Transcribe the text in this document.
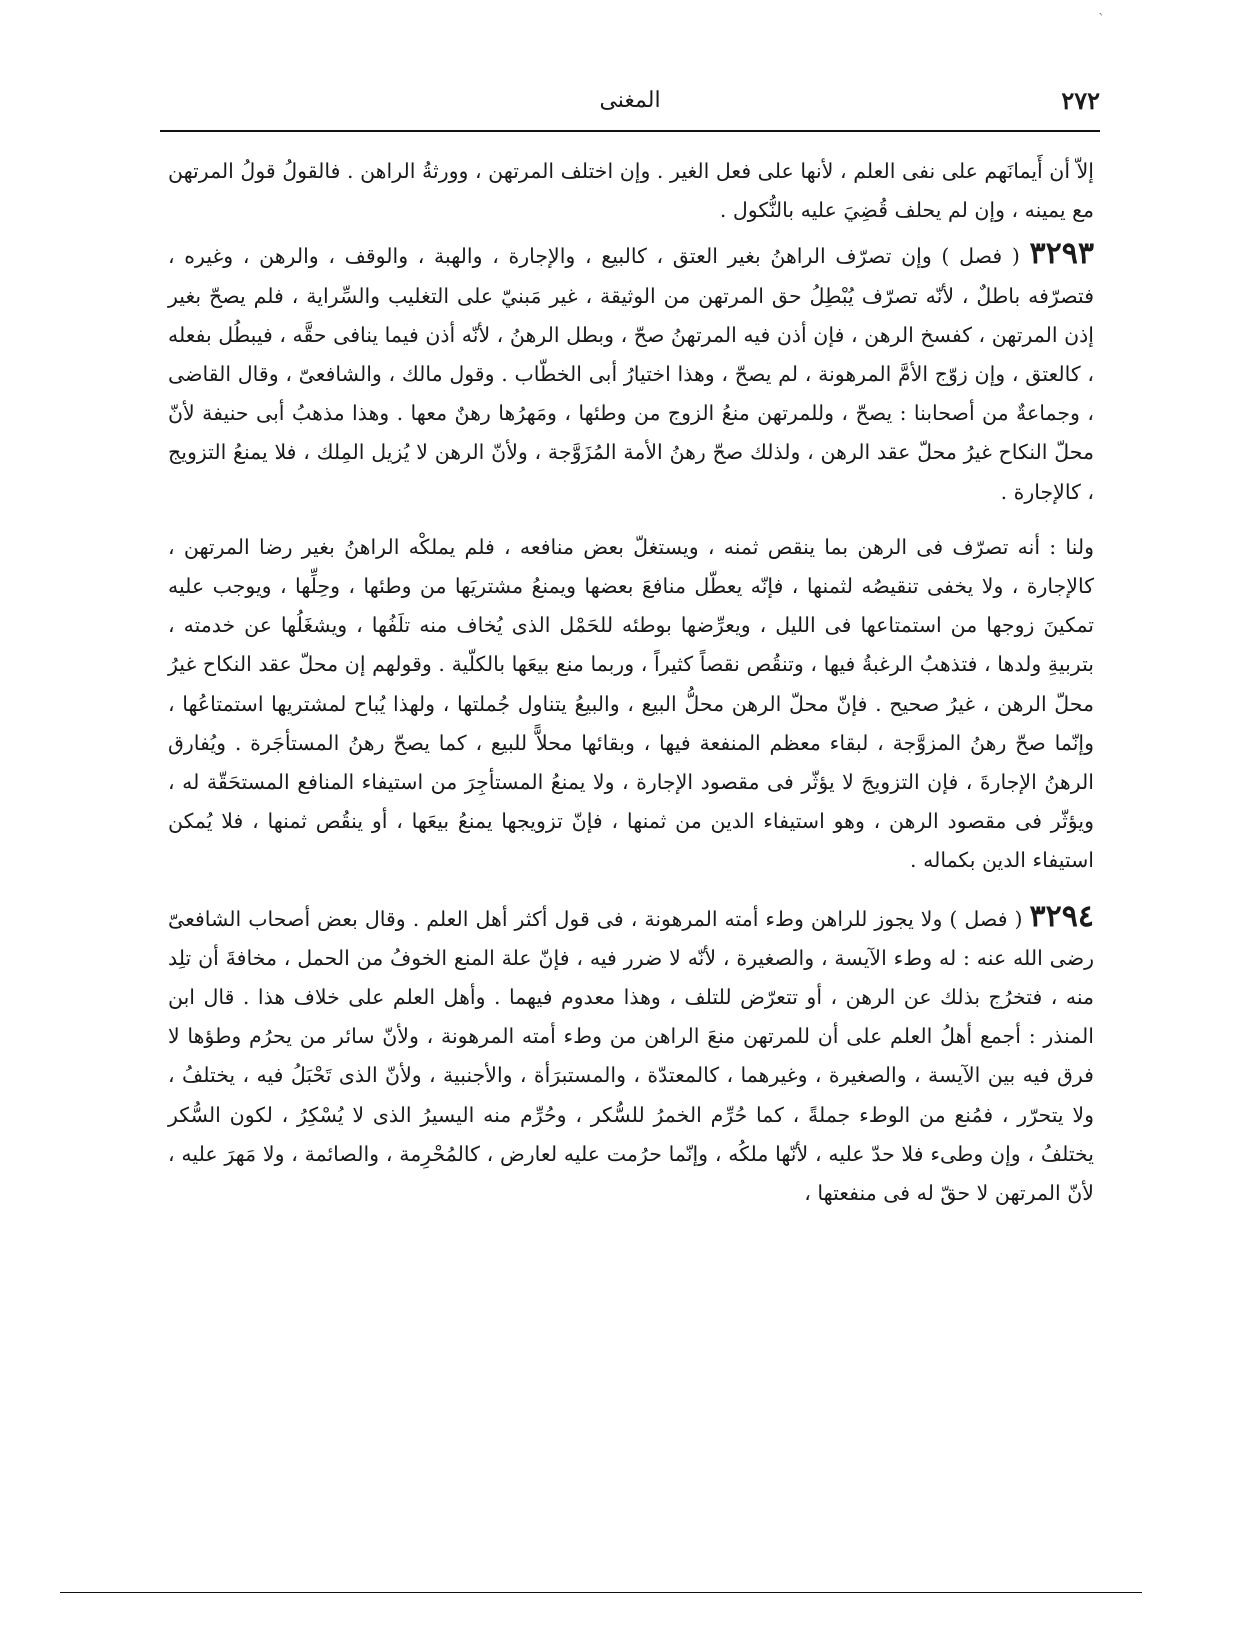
ˋ
٢٧٢
المغنى

إلاّ أن أَيمانَهم على نفى العلم ، لأنها على فعل الغير . وإن اختلف المرتهن ، وورثةُ الراهن . فالقولُ قولُ المرتهن مع يمينه ، وإن لم يحلف قُضِيَ عليه بالنُّكول .

٣٢٩٣ ( فصل ) وإن تصرّف الراهنُ بغير العتق ، كالبيع ، والإجارة ، والهبة ، والوقف ، والرهن ، وغيره ، فتصرّفه باطلٌ ، لأنّه تصرّف يُبْطِلُ حق المرتهن من الوثيقة ، غير مَبنيّ على التغليب والسِّراية ، فلم يصحّ بغير إذن المرتهن ، كفسخ الرهن ، فإن أذن فيه المرتهنُ صحّ ، وبطل الرهنُ ، لأنّه أذن فيما ينافى حقَّه ، فيبطُل بفعله ، كالعتق ، وإن زوّج الأمَّ المرهونة ، لم يصحّ ، وهذا اختيارُ أبى الخطّاب . وقول مالك ، والشافعىّ ، وقال القاضى ، وجماعةٌ من أصحابنا : يصحّ ، وللمرتهن منعُ الزوج من وطئها ، ومَهرُها رهنٌ معها . وهذا مذهبُ أبى حنيفة لأنّ محلّ النكاح غيرُ محلّ عقد الرهن ، ولذلك صحّ رهنُ الأمة المُزَوَّجة ، ولأنّ الرهن لا يُزيل المِلك ، فلا يمنعُ التزويج ، كالإجارة .

ولنا : أنه تصرّف فى الرهن بما ينقص ثمنه ، ويستغلّ بعض منافعه ، فلم يملكْه الراهنُ بغير رضا المرتهن ، كالإجارة ، ولا يخفى تنقيصُه لثمنها ، فإنّه يعطّل منافعَ بعضها ويمنعُ مشتريَها من وطئها ، وحِلِّها ، ويوجب عليه تمكينَ زوجها من استمتاعها فى الليل ، ويعرِّضها بوطئه للحَمْل الذى يُخاف منه تلَفُها ، ويشغَلُها عن خدمته ، بتربيةِ ولدها ، فتذهبُ الرغبةُ فيها ، وتنقُص نقصاً كثيراً ، وربما منع بيعَها بالكلّية . وقولهم إن محلّ عقد النكاح غيرُ محلّ الرهن ، غيرُ صحيح . فإنّ محلّ الرهن محلُّ البيع ، والبيعُ يتناول جُملتها ، ولهذا يُباح لمشتريها استمتاعُها ، وإنّما صحّ رهنُ المزوَّجة ، لبقاء معظم المنفعة فيها ، وبقائها محلاًّ للبيع ، كما يصحّ رهنُ المستأجَرة . ويُفارق الرهنُ الإجارةَ ، فإن التزويجَ لا يؤثّر فى مقصود الإجارة ، ولا يمنعُ المستأجِرَ من استيفاء المنافع المستحَقّة له ، ويؤثّر فى مقصود الرهن ، وهو استيفاء الدين من ثمنها ، فإنّ تزويجها يمنعُ بيعَها ، أو ينقُص ثمنها ، فلا يُمكن استيفاء الدين بكماله .

٣٢٩٤ ( فصل ) ولا يجوز للراهن وطء أمته المرهونة ، فى قول أكثر أهل العلم . وقال بعض أصحاب الشافعىّ رضى الله عنه : له وطء الآيسة ، والصغيرة ، لأنّه لا ضرر فيه ، فإنّ علة المنع الخوفُ من الحمل ، مخافةَ أن تلِد منه ، فتخرُج بذلك عن الرهن ، أو تتعرّض للتلف ، وهذا معدوم فيهما . وأهل العلم على خلاف هذا . قال ابن المنذر : أجمع أهلُ العلم على أن للمرتهن منعَ الراهن من وطء أمته المرهونة ، ولأنّ سائر من يحرُم وطؤها لا فرق فيه بين الآيسة ، والصغيرة ، وغيرهما ، كالمعتدّة ، والمستبرَأة ، والأجنبية ، ولأنّ الذى تَحْبَلُ فيه ، يختلفُ ، ولا يتحرّر ، فمُنع من الوطء جملةً ، كما حُرِّم الخمرُ للسُّكر ، وحُرِّم منه اليسيرُ الذى لا يُسْكِرُ ، لكون السُّكر يختلفُ ، وإن وطىء فلا حدّ عليه ، لأنّها ملكُه ، وإنّما حرُمت عليه لعارض ، كالمُحْرِمة ، والصائمة ، ولا مَهرَ عليه ، لأنّ المرتهن لا حقّ له فى منفعتها ،
